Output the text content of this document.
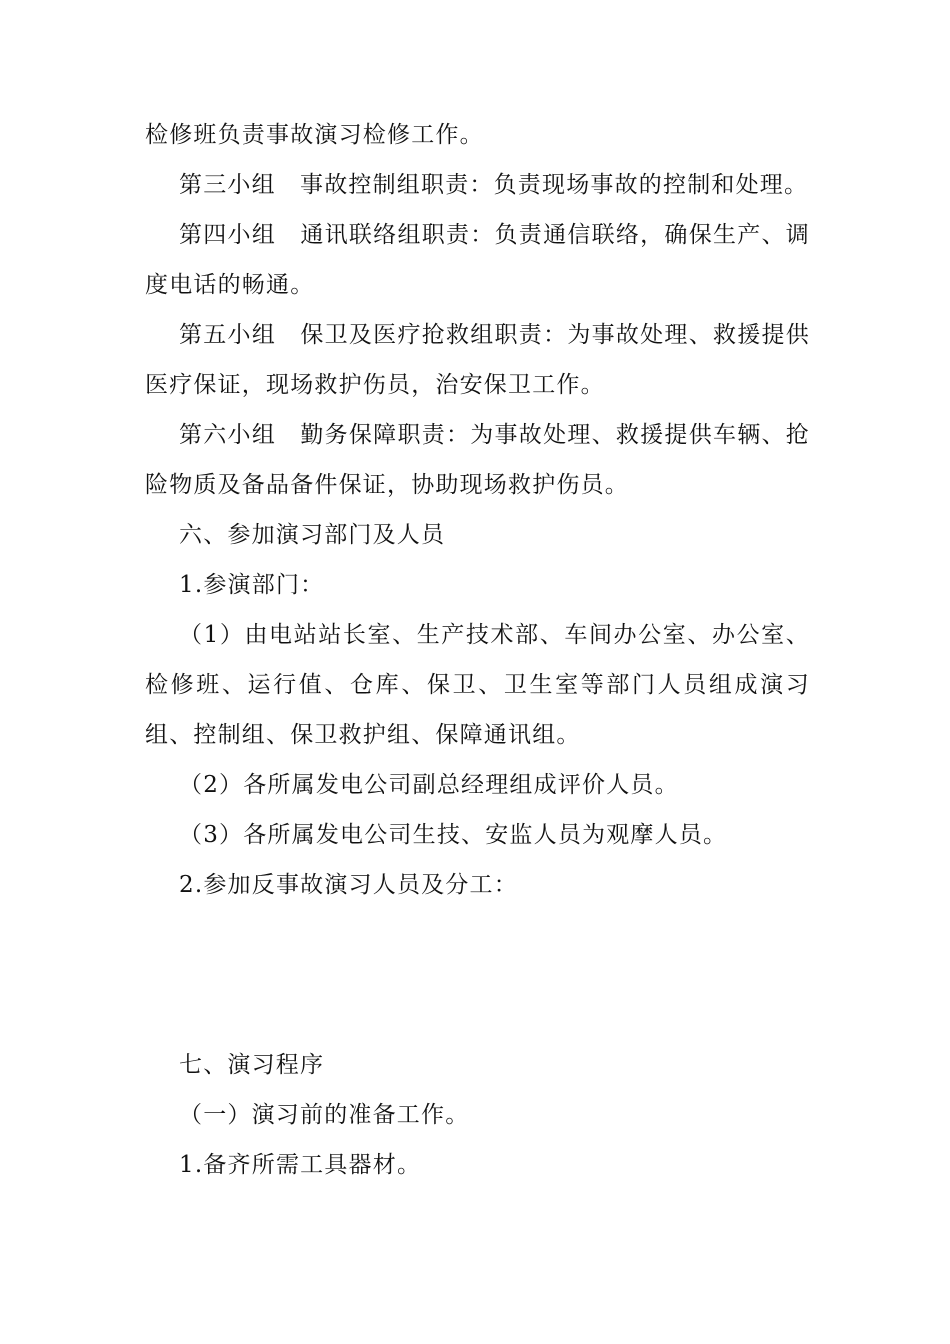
检修班负责事故演习检修工作。

第三小组　事故控制组职责：负责现场事故的控制和处理。

第四小组　通讯联络组职责：负责通信联络，确保生产、调度电话的畅通。

第五小组　保卫及医疗抢救组职责：为事故处理、救援提供医疗保证，现场救护伤员，治安保卫工作。

第六小组　勤务保障职责：为事故处理、救援提供车辆、抢险物质及备品备件保证，协助现场救护伤员。

六、参加演习部门及人员

1.参演部门：

（1）由电站站长室、生产技术部、车间办公室、办公室、检修班、运行值、仓库、保卫、卫生室等部门人员组成演习组、控制组、保卫救护组、保障通讯组。

（2）各所属发电公司副总经理组成评价人员。

（3）各所属发电公司生技、安监人员为观摩人员。

2.参加反事故演习人员及分工：

七、演习程序

（一）演习前的准备工作。

1.备齐所需工具器材。
